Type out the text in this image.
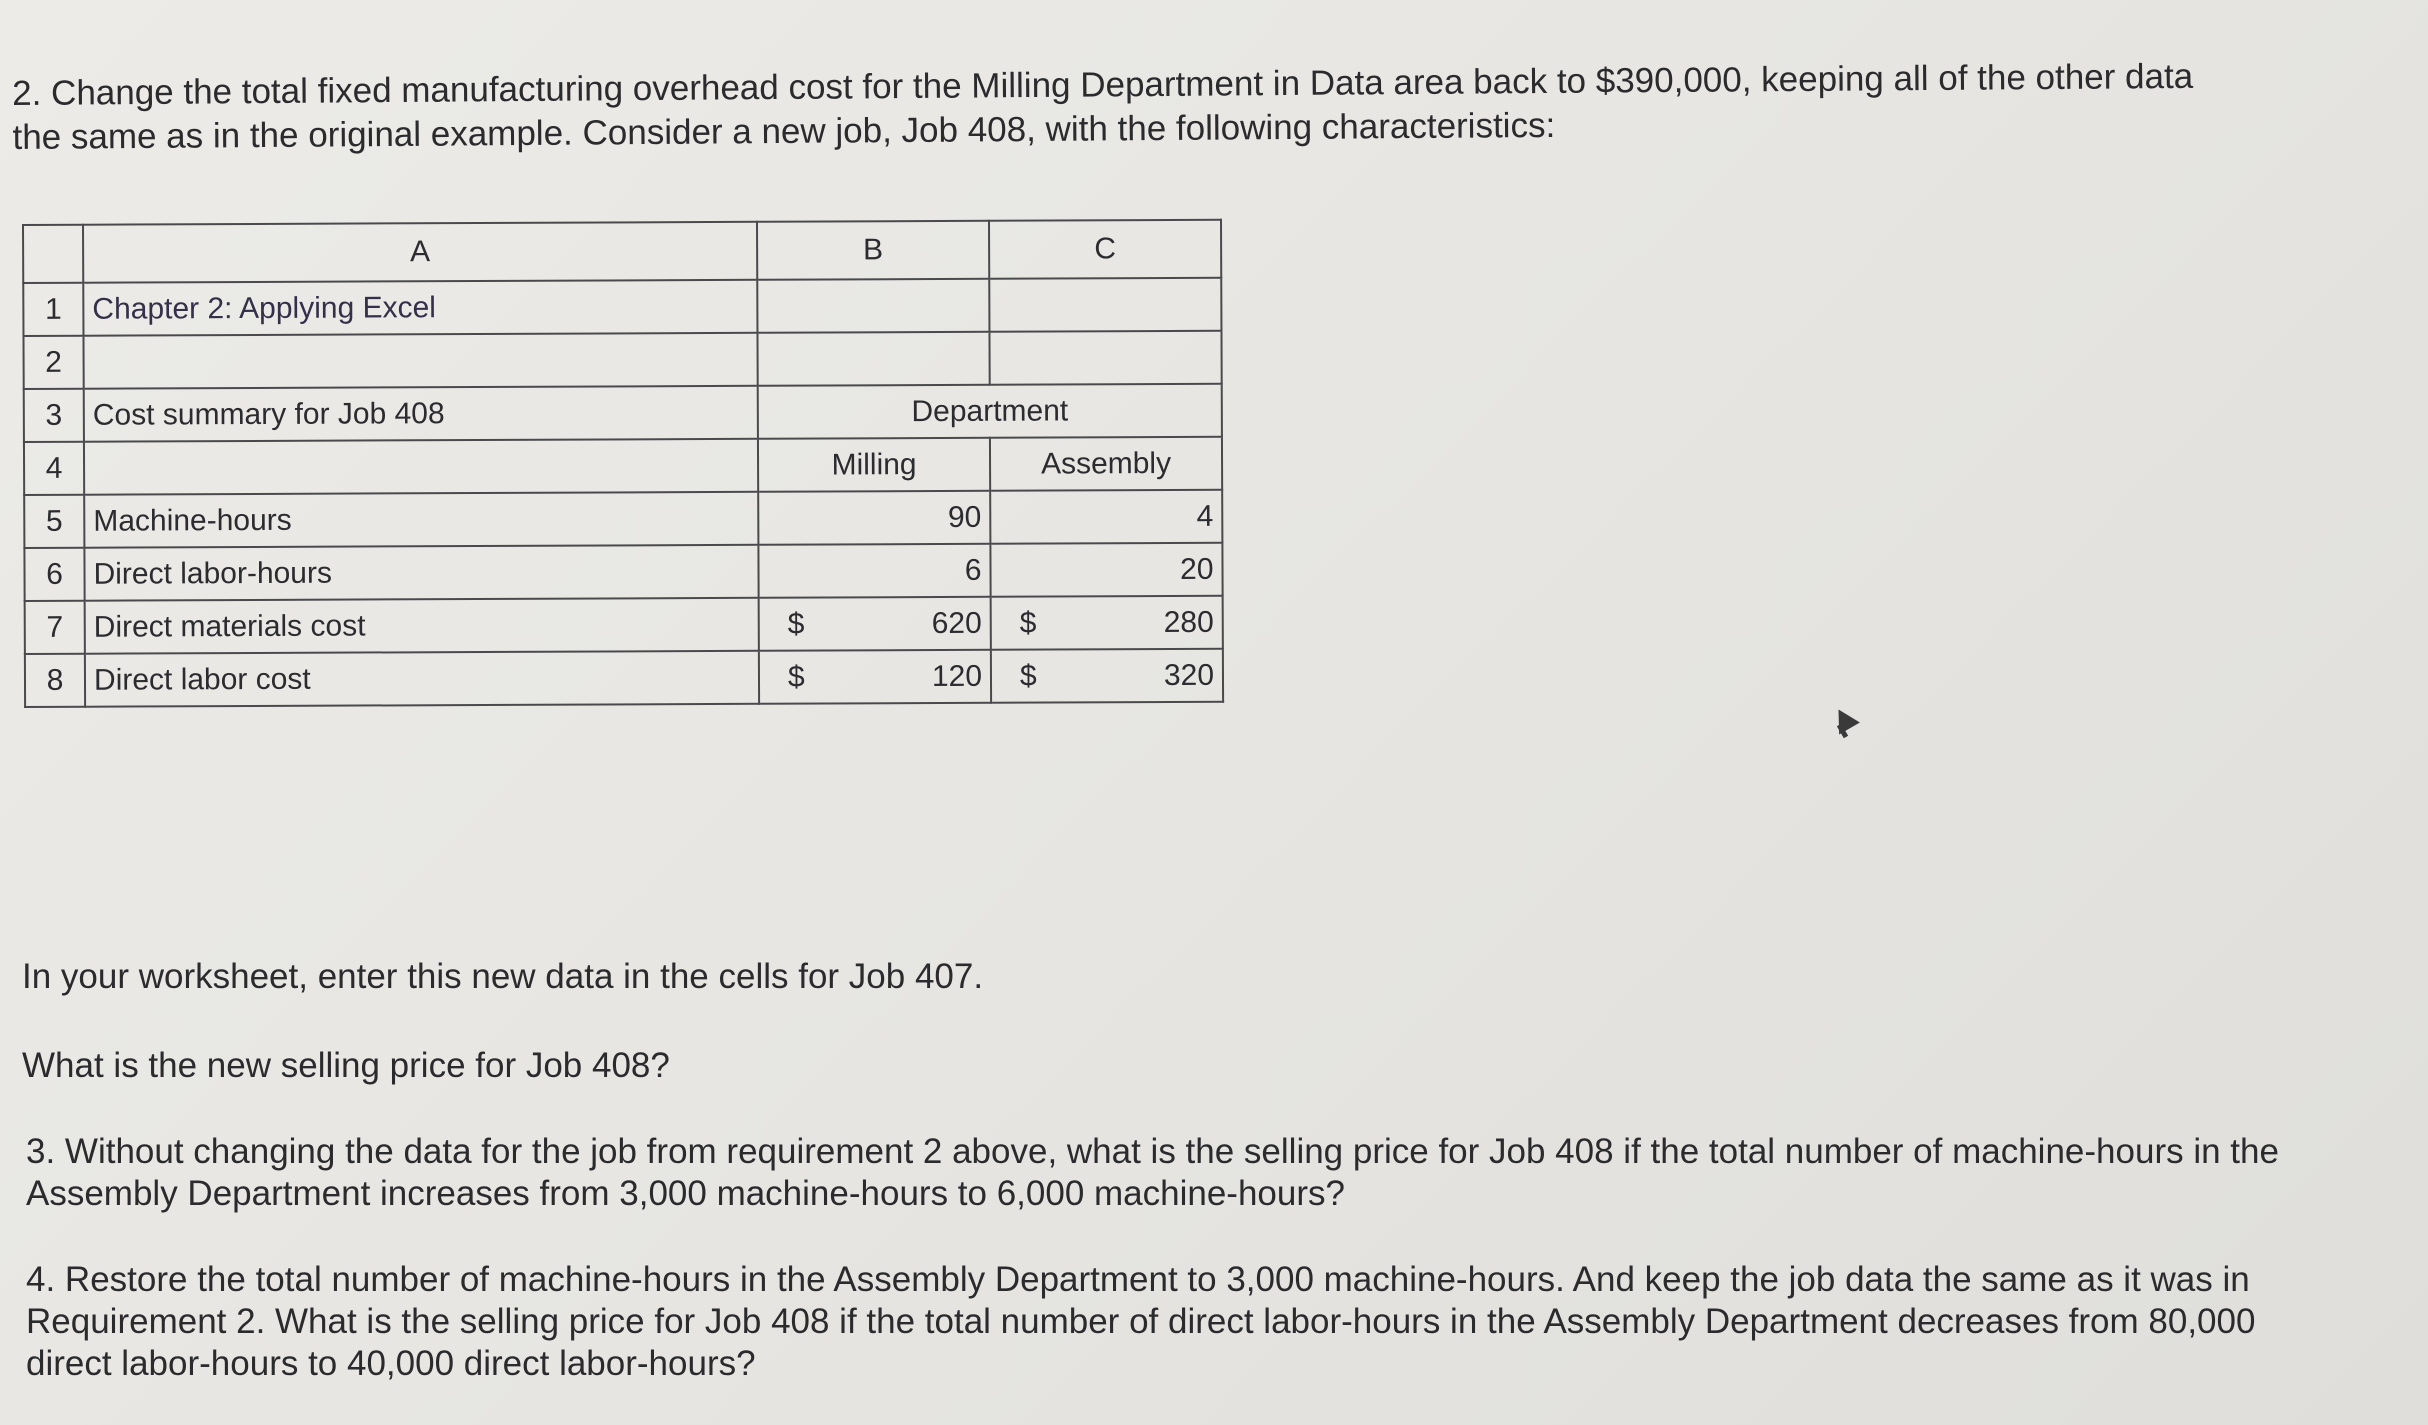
2. Change the total fixed manufacturing overhead cost for the Milling Department in Data area back to $390,000, keeping all of the other data the same as in the original example. Consider a new job, Job 408, with the following characteristics:

	A	B	C
1	Chapter 2: Applying Excel		
2			
3	Cost summary for Job 408	Department	
4		Milling	Assembly
5	Machine-hours	90	4
6	Direct labor-hours	6	20
7	Direct materials cost	$ 620	$ 280

8	Direct labor cost	$ 120	$ 320

In your worksheet, enter this new data in the cells for Job 407.

What is the new selling price for Job 408?

3. Without changing the data for the job from requirement 2 above, what is the selling price for Job 408 if the total number of machine-hours in the Assembly Department increases from 3,000 machine-hours to 6,000 machine-hours?

4. Restore the total number of machine-hours in the Assembly Department to 3,000 machine-hours. And keep the job data the same as it was in Requirement 2. What is the selling price for Job 408 if the total number of direct labor-hours in the Assembly Department decreases from 80,000 direct labor-hours to 40,000 direct labor-hours?
